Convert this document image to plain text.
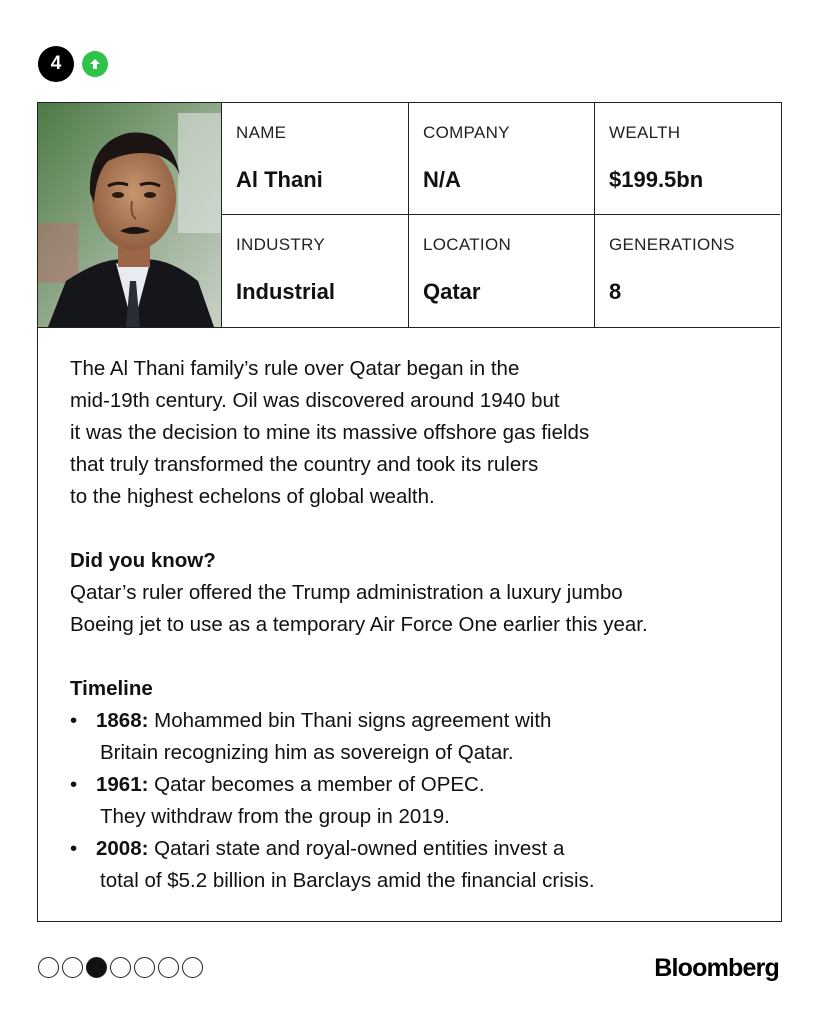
4
NAME
Al Thani
COMPANY
N/A
WEALTH
$199.5bn
INDUSTRY
Industrial
LOCATION
Qatar
GENERATIONS
8
The Al Thani family’s rule over Qatar began in the
mid-19th century. Oil was discovered around 1940 but
it was the decision to mine its massive offshore gas fields
that truly transformed the country and took its rulers
to the highest echelons of global wealth.
Did you know?
Qatar’s ruler offered the Trump administration a luxury jumbo
Boeing jet to use as a temporary Air Force One earlier this year.
Timeline
• 1868: Mohammed bin Thani signs agreement with
Britain recognizing him as sovereign of Qatar.
• 1961: Qatar becomes a member of OPEC.
They withdraw from the group in 2019.
• 2008: Qatari state and royal-owned entities invest a
total of $5.2 billion in Barclays amid the financial crisis.
Bloomberg
